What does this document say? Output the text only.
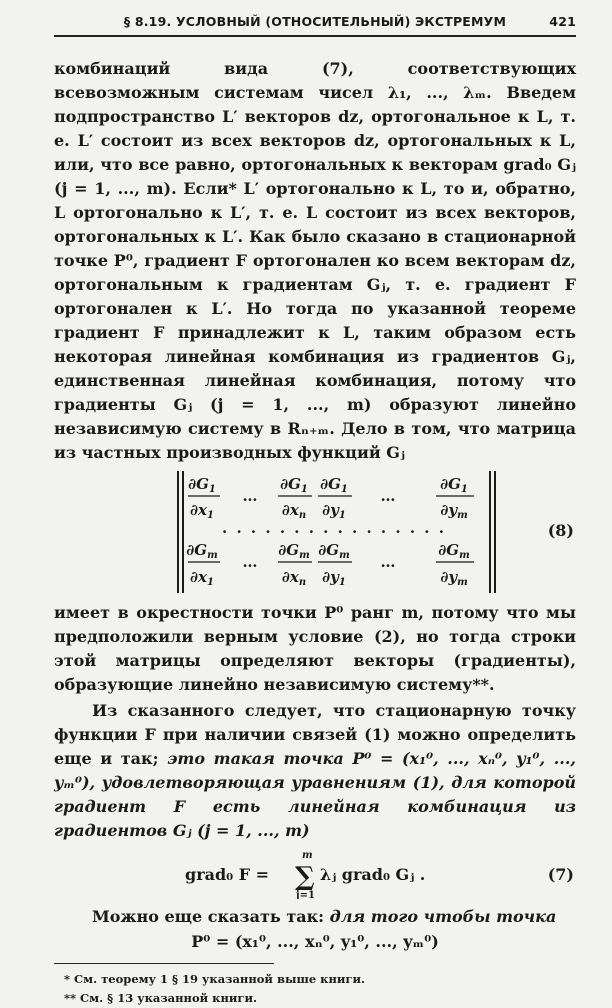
§ 8.19. УСЛОВНЫЙ (ОТНОСИТЕЛЬНЫЙ) ЭКСТРЕМУМ	421

комбинаций вида (7), соответствующих всевозможным системам чисел λ₁, ..., λₘ. Введем подпространство L′ векторов dz, ортогональное к L, т. е. L′ состоит из всех векторов dz, ортогональных к L, или, что все равно, ортогональных к векторам grad₀ Gⱼ (j = 1, ..., m). Если* L′ ортогонально к L, то и, обратно, L ортогонально к L′, т. е. L состоит из всех векторов, ортогональных к L′. Как было сказано в стационарной точке P⁰, градиент F ортогонален ко всем векторам dz, ортогональным к градиентам Gⱼ, т. е. градиент F ортогонален к L′. Но тогда по указанной теореме градиент F принадлежит к L, таким образом есть некоторая линейная комбинация из градиентов Gⱼ, единственная линейная комбинация, потому что градиенты Gⱼ (j = 1, ..., m) образуют линейно независимую систему в Rₙ₊ₘ. Дело в том, что матрица из частных производных функций Gⱼ

$\partial G_1$
$\partial x_1$
…
$\partial G_1$
$\partial x_n$
$\partial G_1$
$\partial y_1$
…
$\partial G_1$
$\partial y_m$
. . . . . . . . . . . . . . . .
$\partial G_m$
$\partial x_1$
…
$\partial G_m$
$\partial x_n$
$\partial G_m$
$\partial y_1$
…
$\partial G_m$
$\partial y_m$
(8)

имеет в окрестности точки P⁰ ранг m, потому что мы предположили верным условие (2), но тогда строки этой матрицы определяют векторы (градиенты), образующие линейно независимую систему**.

Из сказанного следует, что стационарную точку функции F при наличии связей (1) можно определить еще и так; это такая точка P⁰ = (x₁⁰, ..., xₙ⁰, y₁⁰, ..., yₘ⁰), удовлетворяющая уравнениям (1), для которой градиент F есть линейная комбинация из градиентов Gⱼ (j = 1, ..., m)

grad₀ F = ∑
m
j=1
λⱼ grad₀ Gⱼ .	(7)

Можно еще сказать так: для того чтобы точка

P⁰ = (x₁⁰, ..., xₙ⁰, y₁⁰, ..., yₘ⁰)
* См. теорему 1 § 19 указанной выше книги.
** См. § 13 указанной книги.
